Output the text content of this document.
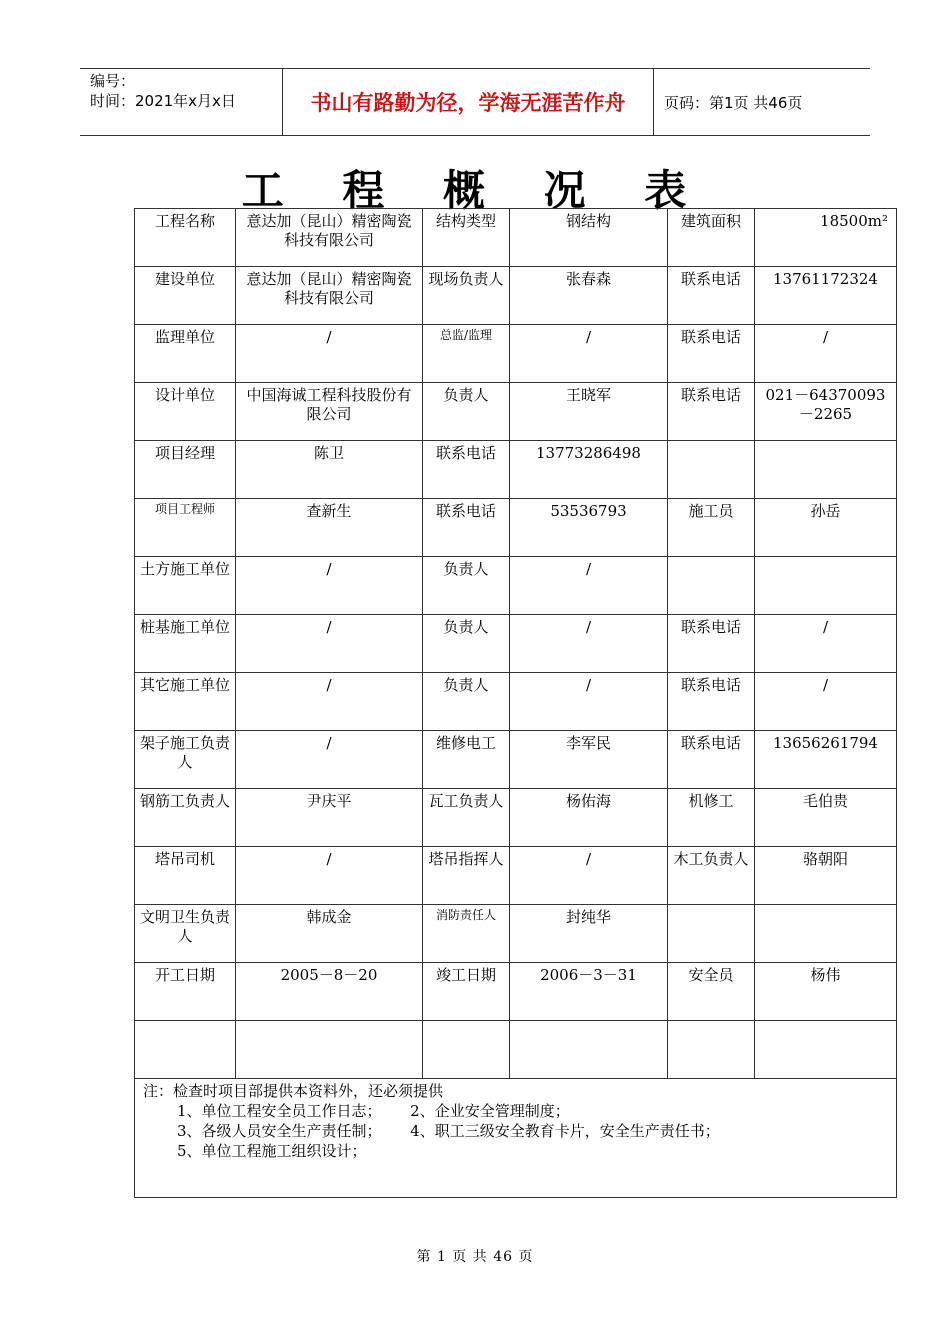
编号：
时间：2021年x月x日	书山有路勤为径，学海无涯苦作舟	页码：第1页 共46页
工 程 概 况 表
工程名称	意达加（昆山）精密陶瓷科技有限公司	结构类型	钢结构	建筑面积	18500m²
建设单位	意达加（昆山）精密陶瓷科技有限公司	现场负责人	张春森	联系电话	13761172324
监理单位	/	总监/监理	/	联系电话	/
设计单位	中国海诚工程科技股份有限公司	负责人	王晓军	联系电话	021－64370093－2265
项目经理	陈卫	联系电话	13773286498		
项目工程师	查新生	联系电话	53536793	施工员	孙岳
土方施工单位	/	负责人	/		
桩基施工单位	/	负责人	/	联系电话	/
其它施工单位	/	负责人	/	联系电话	/
架子施工负责人	/	维修电工	李军民	联系电话	13656261794
钢筋工负责人	尹庆平	瓦工负责人	杨佑海	机修工	毛伯贵
塔吊司机	/	塔吊指挥人	/	木工负责人	骆朝阳
文明卫生负责人	韩成金	消防责任人	封纯华		
开工日期	2005－8－20	竣工日期	2006－3－31	安全员	杨伟

注：检查时项目部提供本资料外，还必须提供
1、单位工程安全员工作日志；      2、企业安全管理制度；
3、各级人员安全生产责任制；      4、职工三级安全教育卡片，安全生产责任书；
5、单位工程施工组织设计；					
第 1 页 共 46 页
